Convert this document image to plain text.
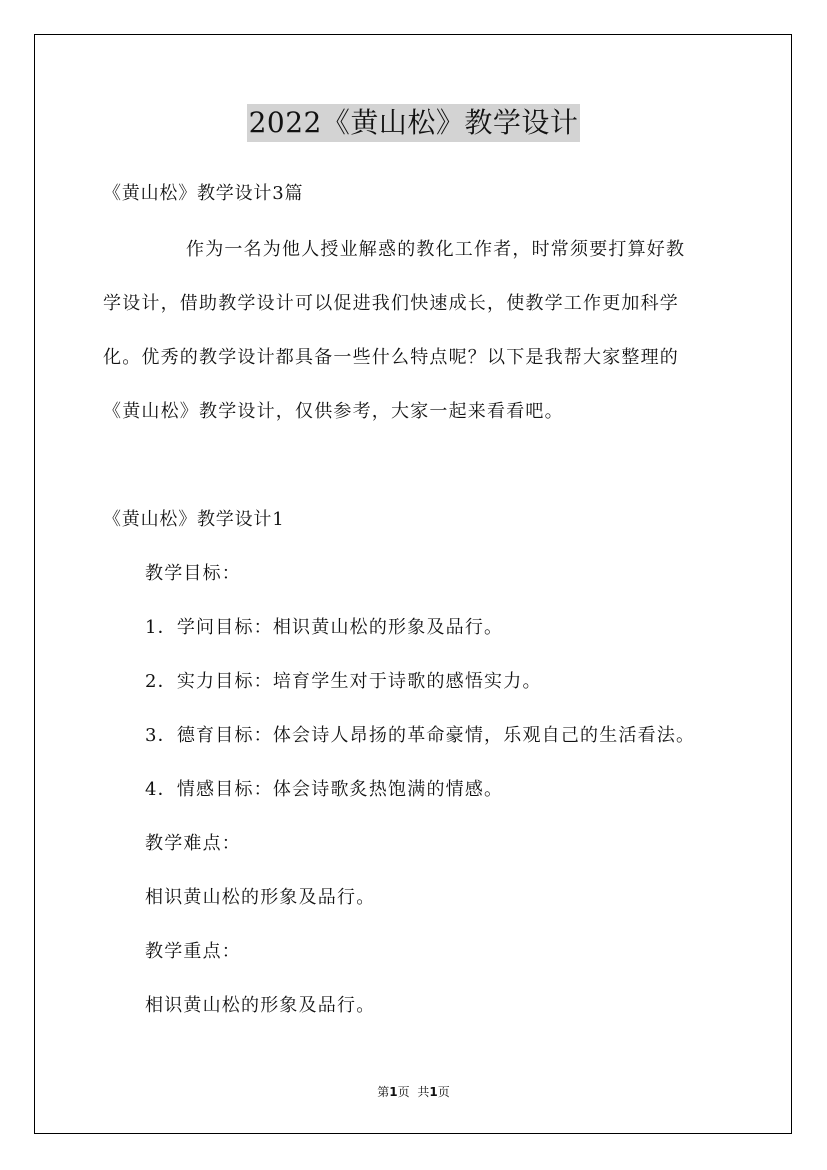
2022《黄山松》教学设计
《黄山松》教学设计3篇
作为一名为他人授业解惑的教化工作者，时常须要打算好教
学设计，借助教学设计可以促进我们快速成长，使教学工作更加科学
化。优秀的教学设计都具备一些什么特点呢？以下是我帮大家整理的
《黄山松》教学设计，仅供参考，大家一起来看看吧。
《黄山松》教学设计1
教学目标：
1．学问目标：相识黄山松的形象及品行。
2．实力目标：培育学生对于诗歌的感悟实力。
3．德育目标：体会诗人昂扬的革命豪情，乐观自己的生活看法。
4．情感目标：体会诗歌炙热饱满的情感。
教学难点：
相识黄山松的形象及品行。
教学重点：
相识黄山松的形象及品行。
第1页 共1页
